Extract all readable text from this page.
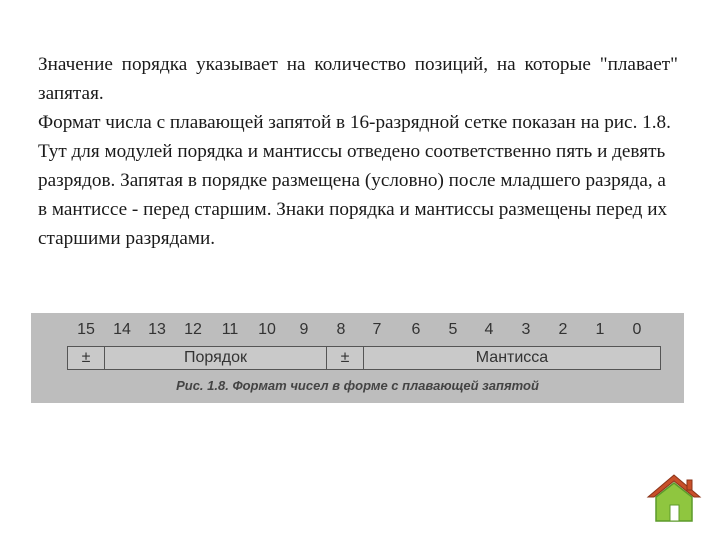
Значение порядка указывает на количество позиций, на которые "плавает" запятая.

Формат числа с плавающей запятой в 16-разрядной сетке показан на рис. 1.8. Тут для модулей порядка и мантиссы отведено соответственно пять и девять разрядов. Запятая в порядке размещена (условно) после младшего разряда, а в мантиссе - перед старшим. Знаки порядка и мантиссы размещены перед их старшими разрядами.

15 14 13 12 11 10 9 8 7 6 5 4 3 2 1 0
±	Порядок	±	Мантисса
Рис. 1.8. Формат чисел в форме с плавающей запятой
